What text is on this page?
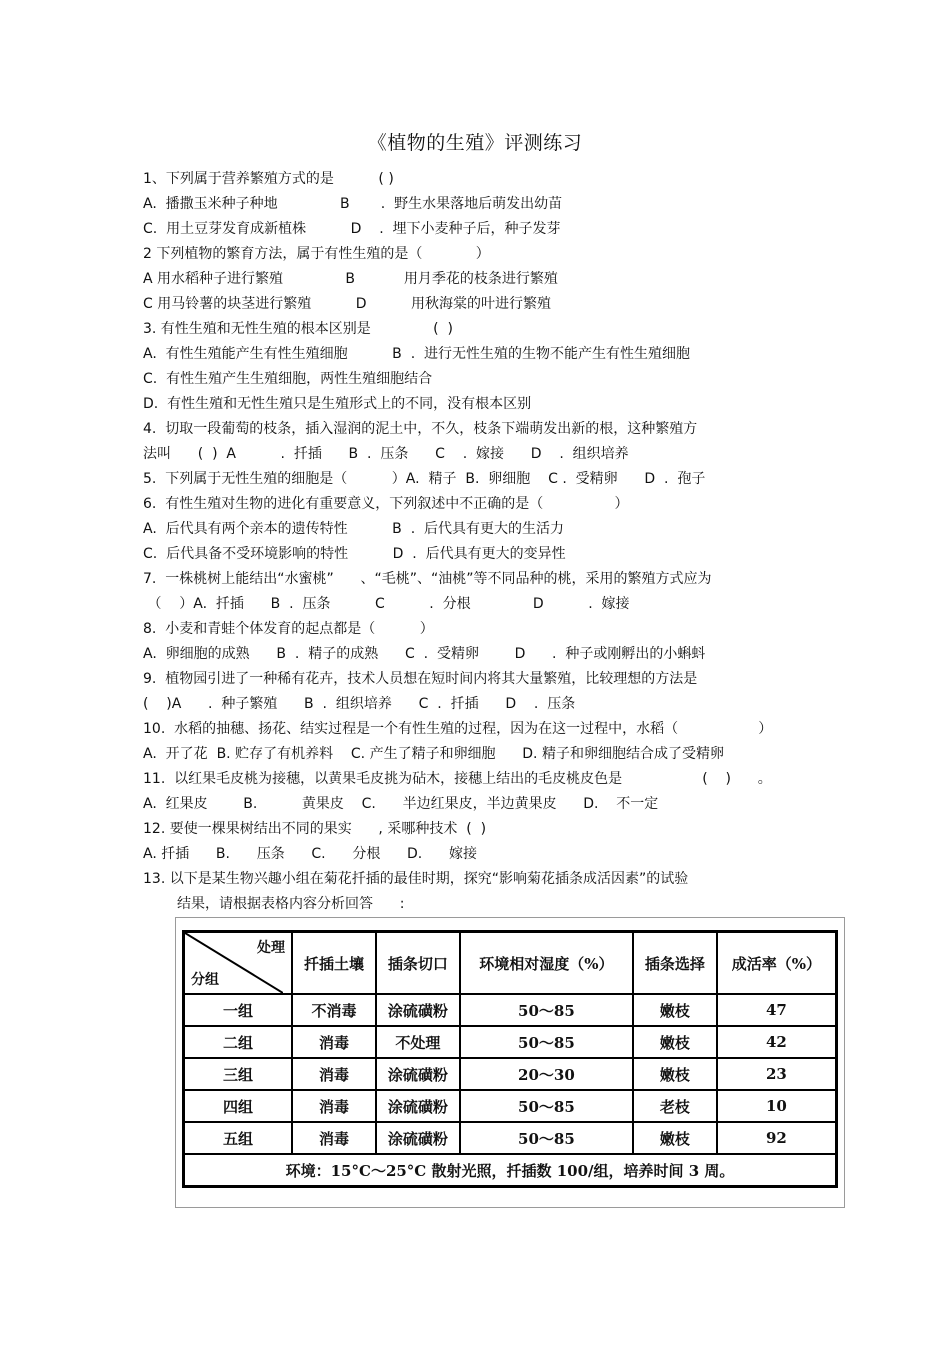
《植物的生殖》评测练习
1、下列属于营养繁殖方式的是          ( )
A.  播撒玉米种子种地              B       .  野生水果落地后萌发出幼苗
C.  用土豆芽发育成新植株          D    .  埋下小麦种子后，种子发芽
2 下列植物的繁育方法，属于有性生殖的是（            ）
A 用水稻种子进行繁殖              B           用月季花的枝条进行繁殖
C 用马铃薯的块茎进行繁殖          D          用秋海棠的叶进行繁殖
3. 有性生殖和无性生殖的根本区别是              (  )
A.  有性生殖能产生有性生殖细胞          B  .  进行无性生殖的生物不能产生有性生殖细胞
C.  有性生殖产生生殖细胞，两性生殖细胞结合
D.  有性生殖和无性生殖只是生殖形式上的不同，没有根本区别
4.  切取一段葡萄的枝条，插入湿润的泥土中，不久，枝条下端萌发出新的根，这种繁殖方
法叫      (  )  A          .  扦插      B  .  压条      C    .  嫁接      D    .  组织培养
5.  下列属于无性生殖的细胞是（          ）A.  精子  B.  卵细胞    C .  受精卵      D  .  孢子
6.  有性生殖对生物的进化有重要意义，下列叙述中不正确的是（                ）
A.  后代具有两个亲本的遗传特性          B  .  后代具有更大的生活力
C.  后代具备不受环境影响的特性          D  .  后代具有更大的变异性
7.  一株桃树上能结出“水蜜桃”      、“毛桃”、“油桃”等不同品种的桃，采用的繁殖方式应为
（    ）A.  扦插      B  .  压条          C          .  分根              D          .  嫁接
8.  小麦和青蛙个体发育的起点都是（          ）
A.  卵细胞的成熟      B  .  精子的成熟      C  .  受精卵        D      .  种子或刚孵出的小蝌蚪
9.  植物园引进了一种稀有花卉，技术人员想在短时间内将其大量繁殖，比较理想的方法是
(    )A      .  种子繁殖      B  .  组织培养      C  .  扦插      D    .  压条
10.  水稻的抽穗、扬花、结实过程是一个有性生殖的过程，因为在这一过程中，水稻（                  ）
A.  开了花  B. 贮存了有机养料    C. 产生了精子和卵细胞      D. 精子和卵细胞结合成了受精卵
11.  以红果毛皮桃为接穗，以黄果毛皮挑为砧木，接穗上结出的毛皮桃皮色是                  (    )      。
A.  红果皮        B.          黄果皮    C.      半边红果皮，半边黄果皮      D.    不一定
12. 要使一棵果树结出不同的果实      , 采哪种技术  (  )
A. 扦插      B.      压条      C.      分根      D.      嫁接
13. 以下是某生物兴趣小组在菊花扦插的最佳时期，探究“影响菊花插条成活因素”的试验
结果，请根据表格内容分析回答      :
处理
分组	扦插土壤	插条切口	环境相对湿度（%）	插条选择	成活率（%）
一组	不消毒	涂硫磺粉	50～85	嫩枝	47
二组	消毒	不处理	50～85	嫩枝	42
三组	消毒	涂硫磺粉	20～30	嫩枝	23
四组	消毒	涂硫磺粉	50～85	老枝	10
五组	消毒	涂硫磺粉	50～85	嫩枝	92
环境：15°C～25°C 散射光照，扦插数 100/组，培养时间 3 周。					
